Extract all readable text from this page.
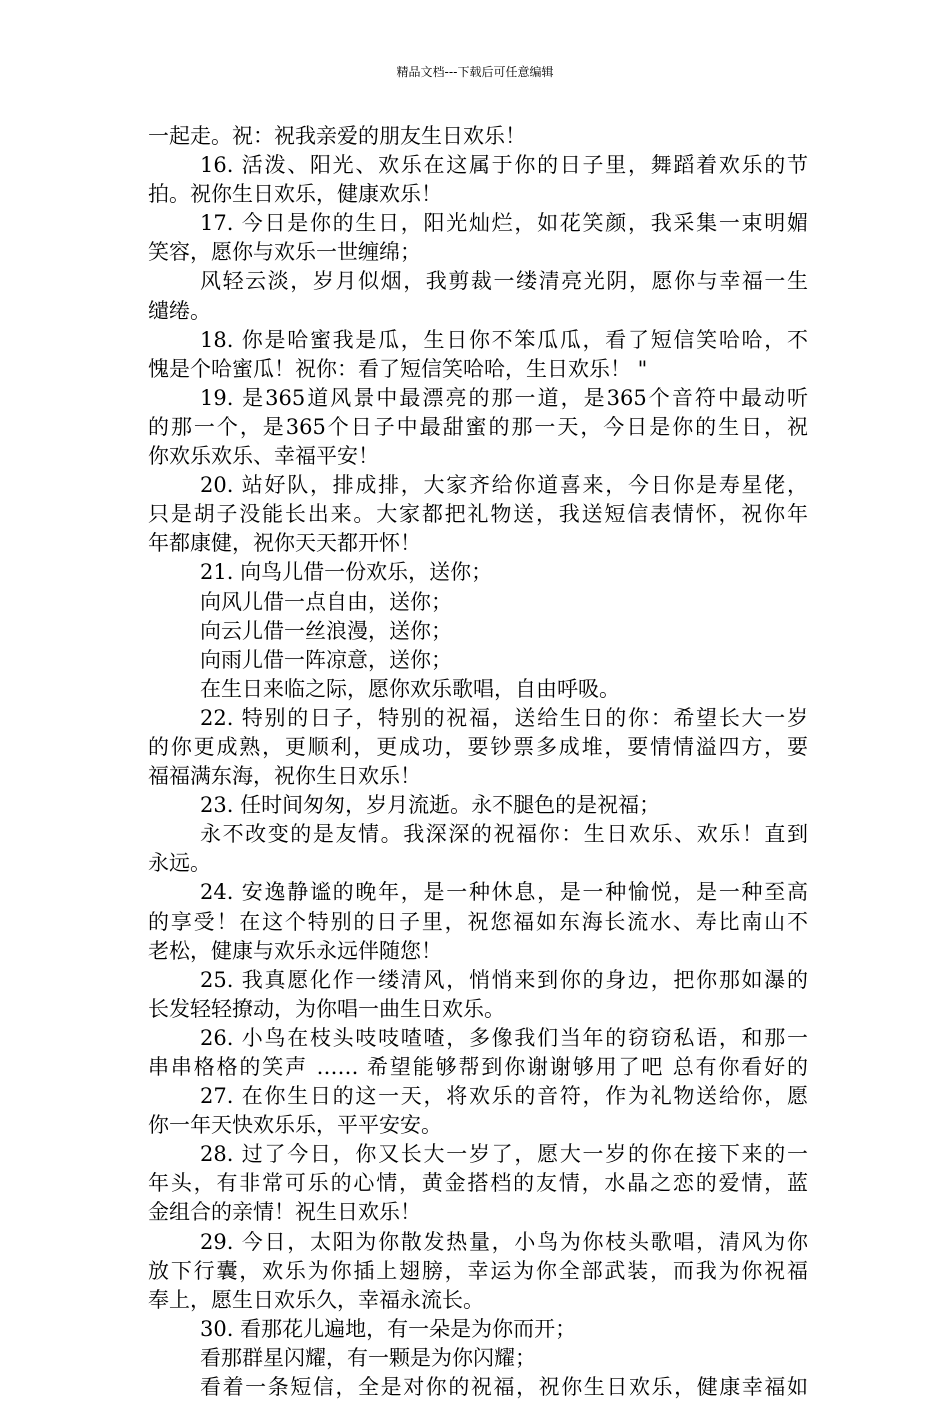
精品文档---下载后可任意编辑
一起走。祝：祝我亲爱的朋友生日欢乐！
16. 活泼、阳光、欢乐在这属于你的日子里，舞蹈着欢乐的节
拍。祝你生日欢乐，健康欢乐！
17. 今日是你的生日，阳光灿烂，如花笑颜，我采集一束明媚
笑容，愿你与欢乐一世缠绵；
风轻云淡，岁月似烟，我剪裁一缕清亮光阴，愿你与幸福一生
缱绻。
18. 你是哈蜜我是瓜，生日你不笨瓜瓜，看了短信笑哈哈，不
愧是个哈蜜瓜！祝你：看了短信笑哈哈，生日欢乐！ "
19. 是365道风景中最漂亮的那一道，是365个音符中最动听
的那一个，是365个日子中最甜蜜的那一天，今日是你的生日，祝
你欢乐欢乐、幸福平安！
20. 站好队，排成排，大家齐给你道喜来，今日你是寿星佬，
只是胡子没能长出来。大家都把礼物送，我送短信表情怀，祝你年
年都康健，祝你天天都开怀！
21. 向鸟儿借一份欢乐，送你；
向风儿借一点自由，送你；
向云儿借一丝浪漫，送你；
向雨儿借一阵凉意，送你；
在生日来临之际，愿你欢乐歌唱，自由呼吸。
22. 特别的日子，特别的祝福，送给生日的你：希望长大一岁
的你更成熟，更顺利，更成功，要钞票多成堆，要情情溢四方，要
福福满东海，祝你生日欢乐！
23. 任时间匆匆，岁月流逝。永不腿色的是祝福；
永不改变的是友情。我深深的祝福你：生日欢乐、欢乐！直到
永远。
24. 安逸静谧的晚年，是一种休息，是一种愉悦，是一种至高
的享受！在这个特别的日子里，祝您福如东海长流水、寿比南山不
老松，健康与欢乐永远伴随您！
25. 我真愿化作一缕清风，悄悄来到你的身边，把你那如瀑的
长发轻轻撩动，为你唱一曲生日欢乐。
26. 小鸟在枝头吱吱喳喳，多像我们当年的窃窃私语，和那一
串串格格的笑声 …… 希望能够帮到你谢谢够用了吧 总有你看好的
27. 在你生日的这一天，将欢乐的音符，作为礼物送给你，愿
你一年天快欢乐乐，平平安安。
28. 过了今日，你又长大一岁了，愿大一岁的你在接下来的一
年头，有非常可乐的心情，黄金搭档的友情，水晶之恋的爱情，蓝
金组合的亲情！祝生日欢乐！
29. 今日，太阳为你散发热量，小鸟为你枝头歌唱，清风为你
放下行囊，欢乐为你插上翅膀，幸运为你全部武装，而我为你祝福
奉上，愿生日欢乐久，幸福永流长。
30. 看那花儿遍地，有一朵是为你而开；
看那群星闪耀，有一颗是为你闪耀；
看着一条短信，全是对你的祝福，祝你生日欢乐，健康幸福如
